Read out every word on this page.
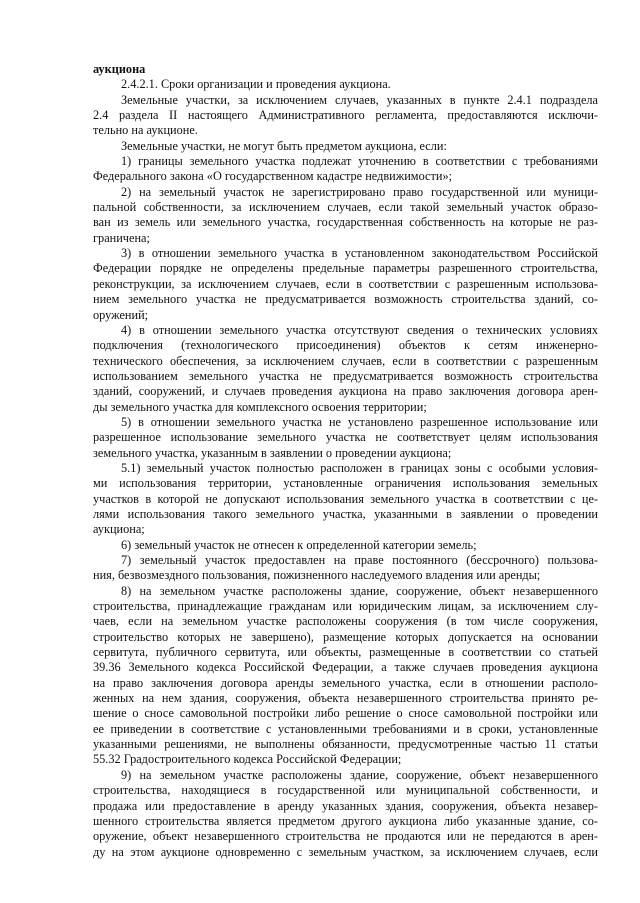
аукциона
2.4.2.1. Сроки организации и проведения аукциона.
Земельные участки, за исключением случаев, указанных в пункте 2.4.1 подраздела
2.4 раздела II настоящего Административного регламента, предоставляются исключи-
тельно на аукционе.
Земельные участки, не могут быть предметом аукциона, если:
1) границы земельного участка подлежат уточнению в соответствии с требованиями
Федерального закона «О государственном кадастре недвижимости»;
2) на земельный участок не зарегистрировано право государственной или муници-
пальной собственности, за исключением случаев, если такой земельный участок образо-
ван из земель или земельного участка, государственная собственность на которые не раз-
граничена;
3) в отношении земельного участка в установленном законодательством Российской
Федерации порядке не определены предельные параметры разрешенного строительства,
реконструкции, за исключением случаев, если в соответствии с разрешенным использова-
нием земельного участка не предусматривается возможность строительства зданий, со-
оружений;
4) в отношении земельного участка отсутствуют сведения о технических условиях
подключения (технологического присоединения) объектов к сетям инженерно-
технического обеспечения, за исключением случаев, если в соответствии с разрешенным
использованием земельного участка не предусматривается возможность строительства
зданий, сооружений, и случаев проведения аукциона на право заключения договора арен-
ды земельного участка для комплексного освоения территории;
5) в отношении земельного участка не установлено разрешенное использование или
разрешенное использование земельного участка не соответствует целям использования
земельного участка, указанным в заявлении о проведении аукциона;
5.1) земельный участок полностью расположен в границах зоны с особыми условия-
ми использования территории, установленные ограничения использования земельных
участков в которой не допускают использования земельного участка в соответствии с це-
лями использования такого земельного участка, указанными в заявлении о проведении
аукциона;
6) земельный участок не отнесен к определенной категории земель;
7) земельный участок предоставлен на праве постоянного (бессрочного) пользова-
ния, безвозмездного пользования, пожизненного наследуемого владения или аренды;
8) на земельном участке расположены здание, сооружение, объект незавершенного
строительства, принадлежащие гражданам или юридическим лицам, за исключением слу-
чаев, если на земельном участке расположены сооружения (в том числе сооружения,
строительство которых не завершено), размещение которых допускается на основании
сервитута, публичного сервитута, или объекты, размещенные в соответствии со статьей
39.36 Земельного кодекса Российской Федерации, а также случаев проведения аукциона
на право заключения договора аренды земельного участка, если в отношении располо-
женных на нем здания, сооружения, объекта незавершенного строительства принято ре-
шение о сносе самовольной постройки либо решение о сносе самовольной постройки или
ее приведении в соответствие с установленными требованиями и в сроки, установленные
указанными решениями, не выполнены обязанности, предусмотренные частью 11 статьи
55.32 Градостроительного кодекса Российской Федерации;
9) на земельном участке расположены здание, сооружение, объект незавершенного
строительства, находящиеся в государственной или муниципальной собственности, и
продажа или предоставление в аренду указанных здания, сооружения, объекта незавер-
шенного строительства является предметом другого аукциона либо указанные здание, со-
оружение, объект незавершенного строительства не продаются или не передаются в арен-
ду на этом аукционе одновременно с земельным участком, за исключением случаев, если
